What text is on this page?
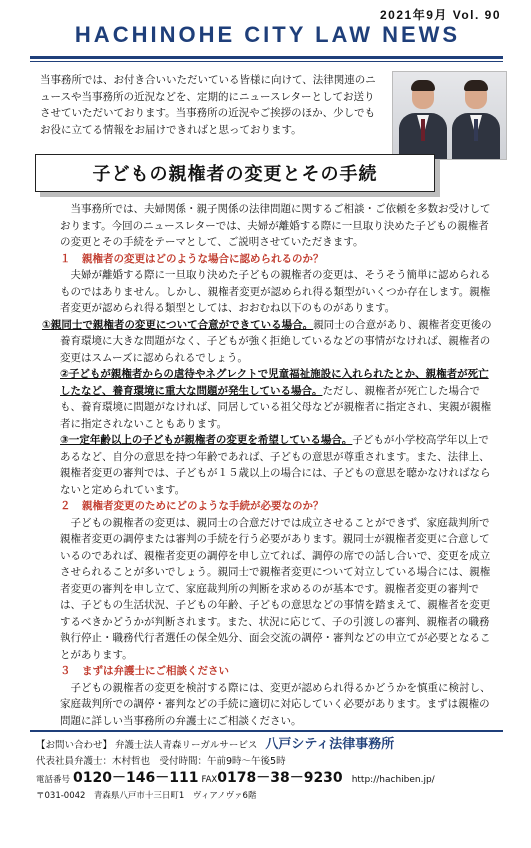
2021年9月 Vol. 90
HACHINOHE CITY LAW NEWS
当事務所では、お付き合いいただいている皆様に向けて、法律関連のニュースや当事務所の近況などを、定期的にニュースレターとしてお送りさせていただいております。当事務所の近況やご挨拶のほか、少しでもお役に立てる情報をお届けできればと思っております。
子どもの親権者の変更とその手続

当事務所では、夫婦関係・親子関係の法律問題に関するご相談・ご依頼を多数お受けしております。今回のニュースレターでは、夫婦が離婚する際に一旦取り決めた子どもの親権者の変更とその手続をテーマとして、ご説明させていただきます。

１ 親権者の変更はどのような場合に認められるのか？

夫婦が離婚する際に一旦取り決めた子どもの親権者の変更は、そうそう簡単に認められるものではありません。しかし、親権者変更が認められ得る類型がいくつか存在します。親権者変更が認められ得る類型としては、おおむね以下のものがあります。

①親同士で親権者の変更について合意ができている場合。親同士の合意があり、親権者変更後の養育環境に大きな問題がなく、子どもが強く拒絶しているなどの事情がなければ、親権者の変更はスムーズに認められるでしょう。

②子どもが親権者からの虐待やネグレクトで児童福祉施設に入れられたとか、親権者が死亡したなど、養育環境に重大な問題が発生している場合。ただし、親権者が死亡した場合でも、養育環境に問題がなければ、同居している祖父母などが親権者に指定され、実親が親権者に指定されないこともあります。

③一定年齢以上の子どもが親権者の変更を希望している場合。子どもが小学校高学年以上であるなど、自分の意思を持つ年齢であれば、子どもの意思が尊重されます。また、法律上、親権者変更の審判では、子どもが１５歳以上の場合には、子どもの意思を聴かなければならないと定められています。

２ 親権者変更のためにどのような手続が必要なのか？

子どもの親権者の変更は、親同士の合意だけでは成立させることができず、家庭裁判所で親権者変更の調停または審判の手続を行う必要があります。親同士が親権者変更に合意しているのであれば、親権者変更の調停を申し立てれば、調停の席での話し合いで、変更を成立させられることが多いでしょう。親同士で親権者変更について対立している場合には、親権者変更の審判を申し立て、家庭裁判所の判断を求めるのが基本です。親権者変更の審判では、子どもの生活状況、子どもの年齢、子どもの意思などの事情を踏まえて、親権者を変更するべきかどうかが判断されます。また、状況に応じて、子の引渡しの審判、親権者の職務執行停止・職務代行者選任の保全処分、面会交流の調停・審判などの申立てが必要となることがあります。

３ まずは弁護士にご相談ください

子どもの親権者の変更を検討する際には、変更が認められ得るかどうかを慎重に検討し、家庭裁判所での調停・審判などの手続に適切に対応していく必要があります。まずは親権の問題に詳しい当事務所の弁護士にご相談ください。

【お問い合わせ】 弁護士法人青森リーガルサービス 八戸シティ法律事務所
代表社員弁護士：木村哲也　受付時間：午前9時～午後5時
電話番号 0120－146－111 FAX0178－38－9230 http://hachiben.jp/
〒031-0042　青森県八戸市十三日町1　ヴィアノヴァ6階
